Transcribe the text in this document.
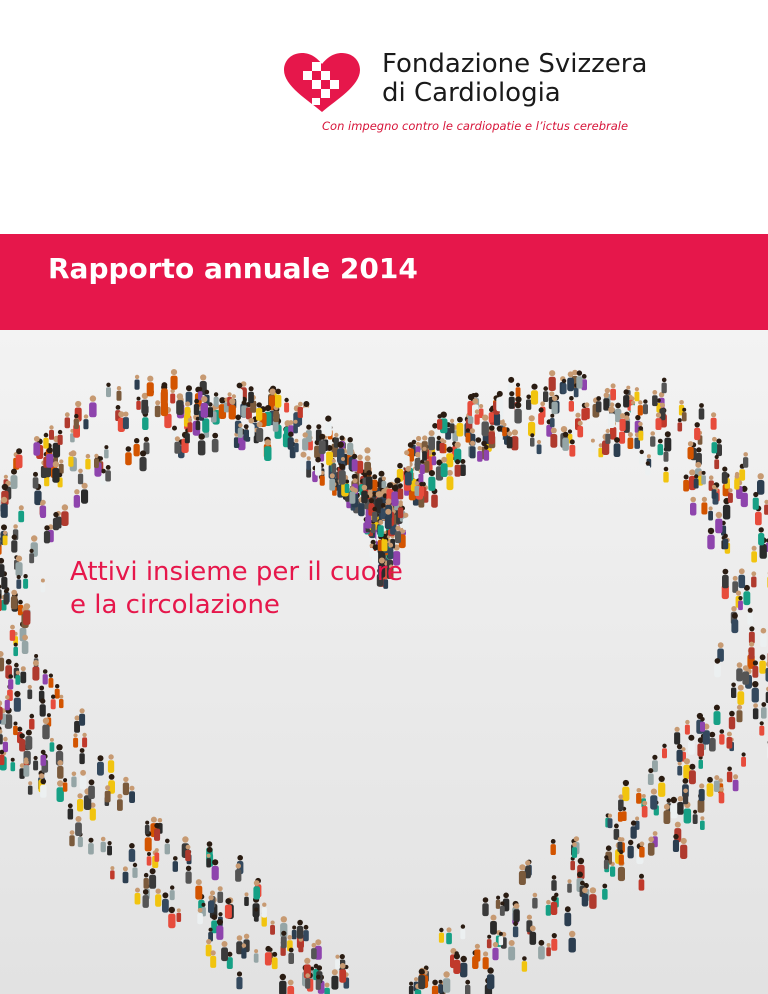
Fondazione Svizzera
di Cardiologia

Con impegno contro le cardiopatie e l’ictus cerebrale

Rapporto annuale 2014
Attivi insieme per il cuore
e la circolazione
